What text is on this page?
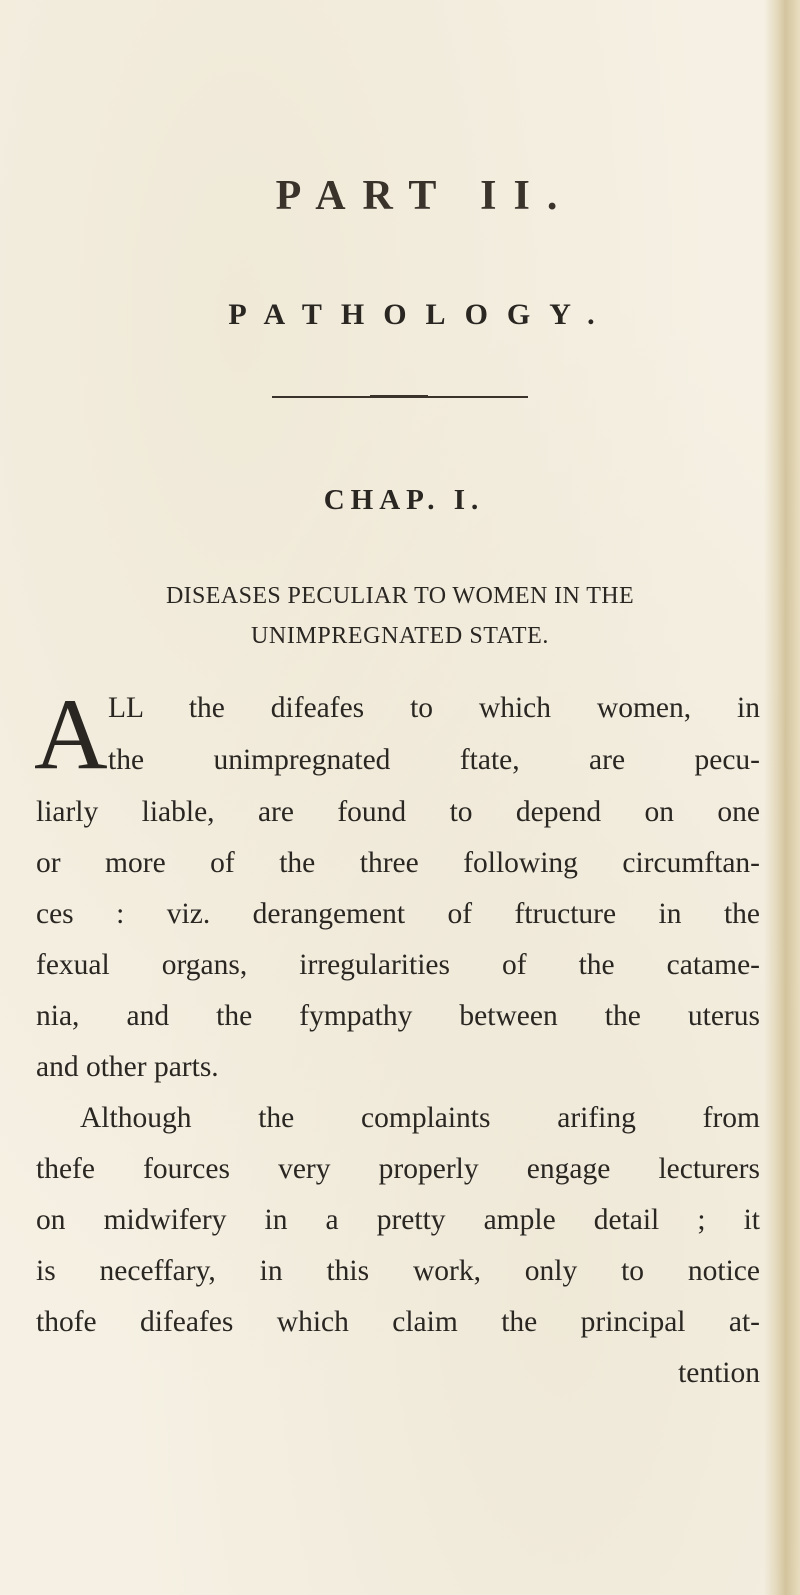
PART II.
PATHOLOGY.
CHAP. I.
DISEASES PECULIAR TO WOMEN IN THE
UNIMPREGNATED STATE.
A LL the difeafes to which women, in
the unimpregnated ftate, are pecu-
liarly liable, are found to depend on one
or more of the three following circumftan-
ces : viz. derangement of ftructure in the
fexual organs, irregularities of the catame-
nia, and the fympathy between the uterus
and other parts.
Although the complaints arifing from
thefe fources very properly engage lecturers
on midwifery in a pretty ample detail ; it
is neceffary, in this work, only to notice
thofe difeafes which claim the principal at-
tention
